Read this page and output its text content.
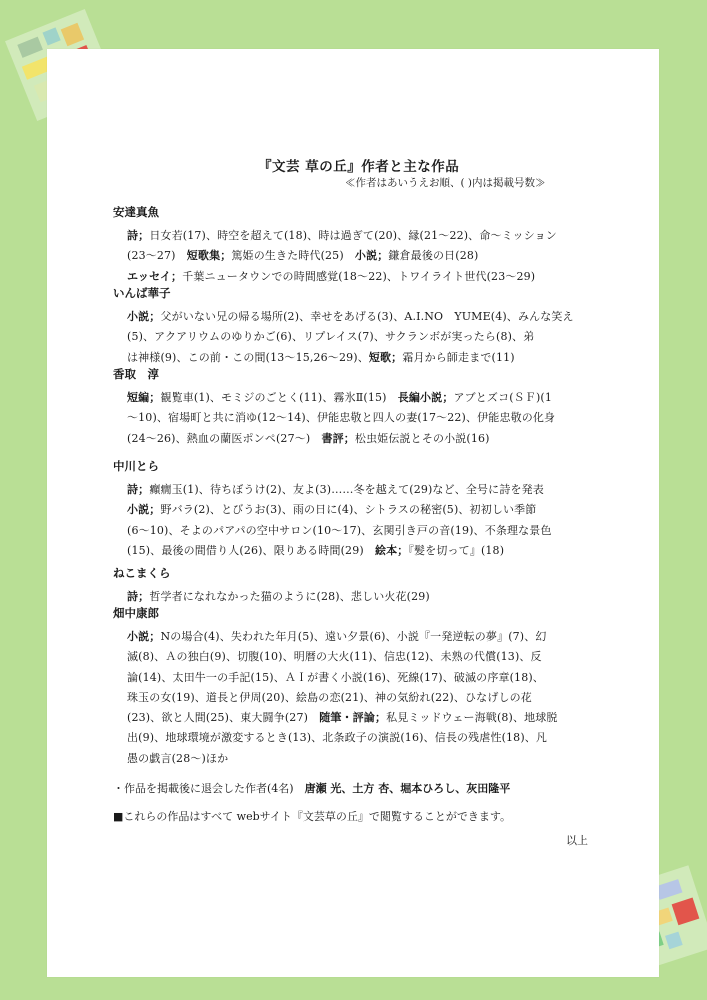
『文芸 草の丘』作者と主な作品
≪作者はあいうえお順、( )内は掲載号数≫
安達真魚
詩；日女若(17)、時空を超えて(18)、時は過ぎて(20)、縁(21〜22)、命〜ミッション
(23〜27)　短歌集；篤姫の生きた時代(25)　小説；鎌倉最後の日(28)
エッセイ；千葉ニュータウンでの時間感覚(18〜22)、トワイライト世代(23〜29)
いんば華子
小説；父がいない兄の帰る場所(2)、幸せをあげる(3)、A.I.NO　YUME(4)、みんな笑え
(5)、アクアリウムのゆりかご(6)、リプレイス(7)、サクランボが実ったら(8)、弟
は神様(9)、この前・この間(13〜15,26〜29)、短歌；霜月から師走まで(11)
香取　淳
短編；観覧車(1)、モミジのごとく(11)、霧氷Ⅱ(15)　長編小説；アブとズコ(ＳＦ)(1
〜10)、宿場町と共に消ゆ(12〜14)、伊能忠敬と四人の妻(17〜22)、伊能忠敬の化身
(24〜26)、熱血の蘭医ポンペ(27〜)　書評；松虫姫伝説とその小説(16)
中川とら
詩；癲癇玉(1)、待ちぼうけ(2)、友よ(3)……冬を越えて(29)など、全号に詩を発表
小説；野バラ(2)、とびうお(3)、雨の日に(4)、シトラスの秘密(5)、初初しい季節
(6〜10)、そよのパアパの空中サロン(10〜17)、玄関引き戸の音(19)、不条理な景色
(15)、最後の間借り人(26)、限りある時間(29)　絵本；『髪を切って』(18)
ねこまくら
詩；哲学者になれなかった猫のように(28)、悲しい火花(29)
畑中康郎
小説；Nの場合(4)、失われた年月(5)、遠い夕景(6)、小説『一発逆転の夢』(7)、幻
滅(8)、Ａの独白(9)、切腹(10)、明暦の大火(11)、信忠(12)、未熟の代償(13)、反
論(14)、太田牛一の手記(15)、ＡＩが書く小説(16)、死線(17)、破滅の序章(18)、
珠玉の女(19)、道長と伊周(20)、絵島の恋(21)、神の気紛れ(22)、ひなげしの花
(23)、欲と人間(25)、東大闘争(27)　随筆・評論；私見ミッドウェー海戦(8)、地球脱
出(9)、地球環境が激変するとき(13)、北条政子の演説(16)、信長の残虐性(18)、凡
愚の戯言(28〜)ほか
・作品を掲載後に退会した作者(4名)　唐瀬 光、土方 杏、堀本ひろし、灰田隆平
■これらの作品はすべて webサイト『文芸草の丘』で閲覧することができます。
以上
